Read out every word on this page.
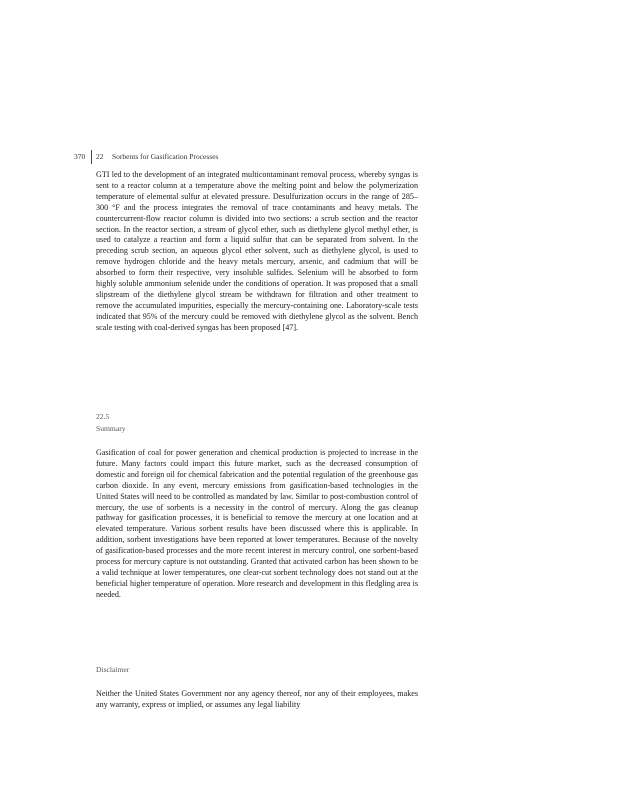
370 22 Sorbents for Gasification Processes

GTI led to the development of an integrated multicontaminant removal process, whereby syngas is sent to a reactor column at a temperature above the melting point and below the polymerization temperature of elemental sulfur at elevated pressure. Desulfurization occurs in the range of 285–300 °F and the process integrates the removal of trace contaminants and heavy metals. The countercurrent-flow reactor column is divided into two sections: a scrub section and the reactor section. In the reactor section, a stream of glycol ether, such as diethylene glycol methyl ether, is used to catalyze a reaction and form a liquid sulfur that can be separated from solvent. In the preceding scrub section, an aqueous glycol ether solvent, such as diethylene glycol, is used to remove hydrogen chloride and the heavy metals mercury, arsenic, and cadmium that will be absorbed to form their respective, very insoluble sulfides. Selenium will be absorbed to form highly soluble ammonium selenide under the conditions of operation. It was proposed that a small slipstream of the diethylene glycol stream be withdrawn for filtration and other treatment to remove the accumulated impurities, especially the mercury-containing one. Laboratory-scale tests indicated that 95% of the mercury could be removed with diethylene glycol as the solvent. Bench scale testing with coal-derived syngas has been proposed [47].

22.5
Summary

Gasification of coal for power generation and chemical production is projected to increase in the future. Many factors could impact this future market, such as the decreased consumption of domestic and foreign oil for chemical fabrication and the potential regulation of the greenhouse gas carbon dioxide. In any event, mercury emissions from gasification-based technologies in the United States will need to be controlled as mandated by law. Similar to post-combustion control of mercury, the use of sorbents is a necessity in the control of mercury. Along the gas cleanup pathway for gasification processes, it is beneficial to remove the mercury at one location and at elevated temperature. Various sorbent results have been discussed where this is applicable. In addition, sorbent investigations have been reported at lower temperatures. Because of the novelty of gasification-based processes and the more recent interest in mercury control, one sorbent-based process for mercury capture is not outstanding. Granted that activated carbon has been shown to be a valid technique at lower temperatures, one clear-cut sorbent technology does not stand out at the beneficial higher temperature of operation. More research and development in this fledgling area is needed.

Disclaimer

Neither the United States Government nor any agency thereof, nor any of their employees, makes any warranty, express or implied, or assumes any legal liability
